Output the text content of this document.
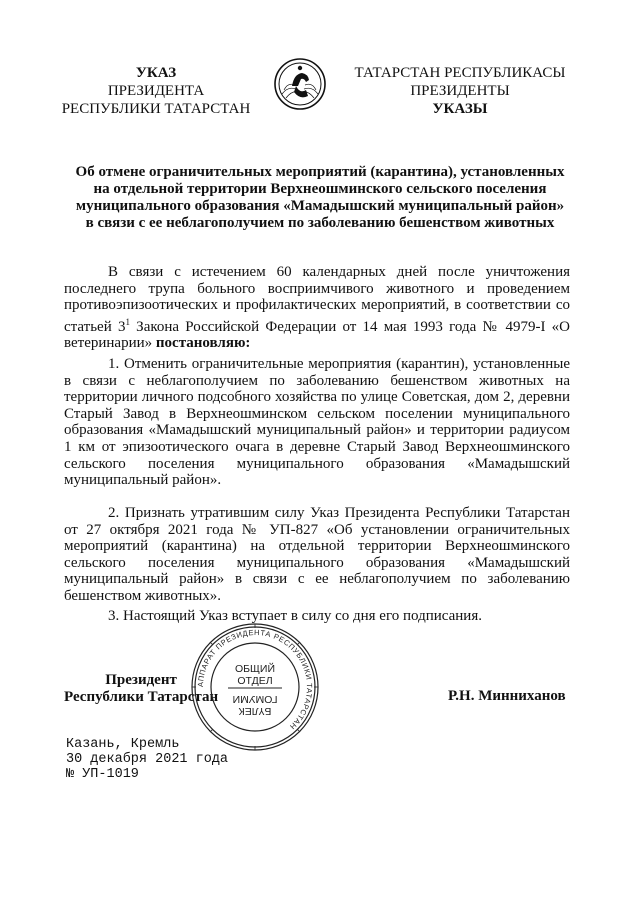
УКАЗ
ПРЕЗИДЕНТА
РЕСПУБЛИКИ ТАТАРСТАН
ТАТАРСТАН РЕСПУБЛИКАСЫ
ПРЕЗИДЕНТЫ
УКАЗЫ
Об отмене ограничительных мероприятий (карантина), установленных
на отдельной территории Верхнеошминского сельского поселения
муниципального образования «Мамадышский муниципальный район»
в связи с ее неблагополучием по заболеванию бешенством животных

В связи с истечением 60 календарных дней после уничтожения последнего трупа больного восприимчивого животного и проведением противоэпизоотических и профилактических мероприятий, в соответствии со статьей $3^1$ Закона Российской Федерации от 14 мая 1993 года № 4979-I «О ветеринарии» постановляю:

1. Отменить ограничительные мероприятия (карантин), установленные в связи с неблагополучием по заболеванию бешенством животных на территории личного подсобного хозяйства по улице Советская, дом 2, деревни Старый Завод в Верхнеошминском сельском поселении муниципального образования «Мамадышский муниципальный район» и территории радиусом 1 км от эпизоотического очага в деревне Старый Завод Верхнеошминского сельского поселения муниципального образования «Мамадышский муниципальный район».

2. Признать утратившим силу Указ Президента Республики Татарстан от 27 октября 2021 года № УП-827 «Об установлении ограничительных мероприятий (карантина) на отдельной территории Верхнеошминского сельского поселения муниципального образования «Мамадышский муниципальный район» в связи с ее неблагополучием по заболеванию бешенством животных».

3. Настоящий Указ вступает в силу со дня его подписания.

Президент
Республики Татарстан	Р.Н. Минниханов
АППАРАТ ПРЕЗИДЕНТА РЕСПУБЛИКИ ТАТАРСТАН
ОБЩИЙ
ОТДЕЛ
ГОМУМИ
БҮЛЕК
Казань, Кремль
30 декабря 2021 года
№ УП-1019
